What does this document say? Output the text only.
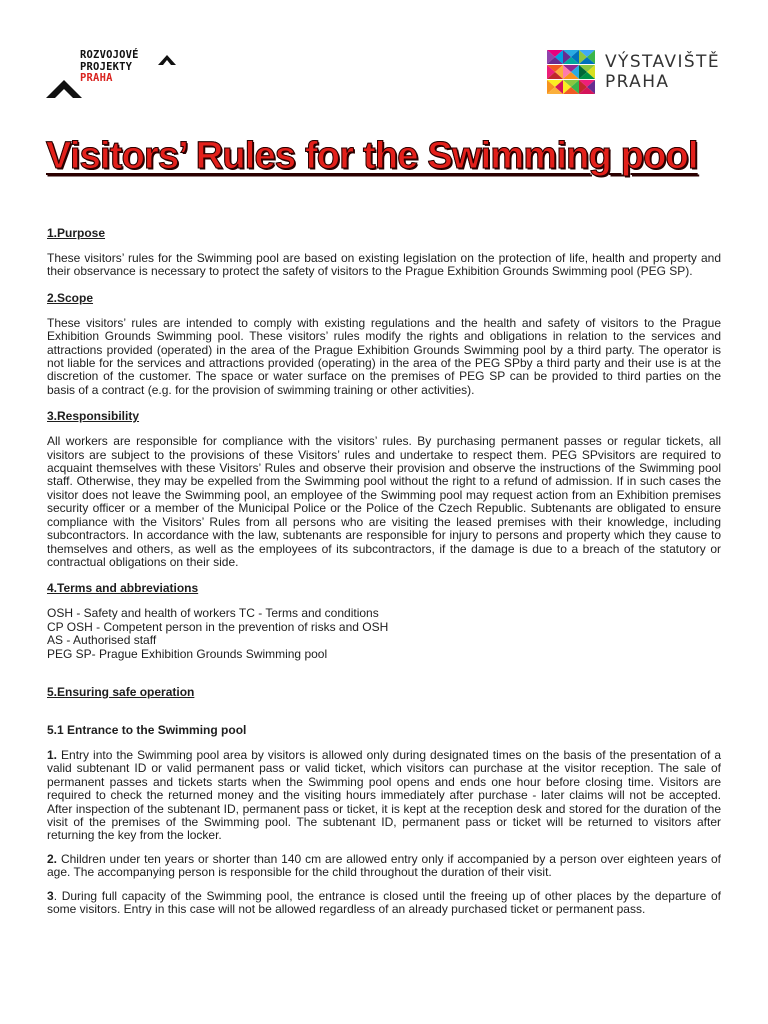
ROZVOJOVÉ
PROJEKTY
PRAHA
VÝSTAVIŠTĚ
PRAHA
Visitors’ Rules for the Swimming pool

1.Purpose

These visitors’ rules for the Swimming pool are based on existing legislation on the protection of life, health and property and their observance is necessary to protect the safety of visitors to the Prague Exhibition Grounds Swimming pool (PEG SP).

2.Scope

These visitors’ rules are intended to comply with existing regulations and the health and safety of visitors to the Prague Exhibition Grounds Swimming pool. These visitors’ rules modify the rights and obligations in relation to the services and attractions provided (operated) in the area of the Prague Exhibition Grounds Swimming pool by a third party. The operator is not liable for the services and attractions provided (operating) in the area of the PEG SPby a third party and their use is at the discretion of the customer. The space or water surface on the premises of PEG SP can be provided to third parties on the basis of a contract (e.g. for the provision of swimming training or other activities).

3.Responsibility

All workers are responsible for compliance with the visitors’ rules. By purchasing permanent passes or regular tickets, all visitors are subject to the provisions of these Visitors’ rules and undertake to respect them. PEG SPvisitors are required to acquaint themselves with these Visitors’ Rules and observe their provision and observe the instructions of the Swimming pool staff. Otherwise, they may be expelled from the Swimming pool without the right to a refund of admission. If in such cases the visitor does not leave the Swimming pool, an employee of the Swimming pool may request action from an Exhibition premises security officer or a member of the Municipal Police or the Police of the Czech Republic. Subtenants are obligated to ensure compliance with the Visitors’ Rules from all persons who are visiting the leased premises with their knowledge, including subcontractors. In accordance with the law, subtenants are responsible for injury to persons and property which they cause to themselves and others, as well as the employees of its subcontractors, if the damage is due to a breach of the statutory or contractual obligations on their side.

4.Terms and abbreviations

OSH - Safety and health of workers TC - Terms and conditions

CP OSH - Competent person in the prevention of risks and OSH

AS - Authorised staff

PEG SP- Prague Exhibition Grounds Swimming pool

5.Ensuring safe operation

5.1 Entrance to the Swimming pool

1. Entry into the Swimming pool area by visitors is allowed only during designated times on the basis of the presentation of a valid subtenant ID or valid permanent pass or valid ticket, which visitors can purchase at the visitor reception. The sale of permanent passes and tickets starts when the Swimming pool opens and ends one hour before closing time. Visitors are required to check the returned money and the visiting hours immediately after purchase - later claims will not be accepted. After inspection of the subtenant ID, permanent pass or ticket, it is kept at the reception desk and stored for the duration of the visit of the premises of the Swimming pool. The subtenant ID, permanent pass or ticket will be returned to visitors after returning the key from the locker.

2. Children under ten years or shorter than 140 cm are allowed entry only if accompanied by a person over eighteen years of age. The accompanying person is responsible for the child throughout the duration of their visit.

3. During full capacity of the Swimming pool, the entrance is closed until the freeing up of other places by the departure of some visitors. Entry in this case will not be allowed regardless of an already purchased ticket or permanent pass.
